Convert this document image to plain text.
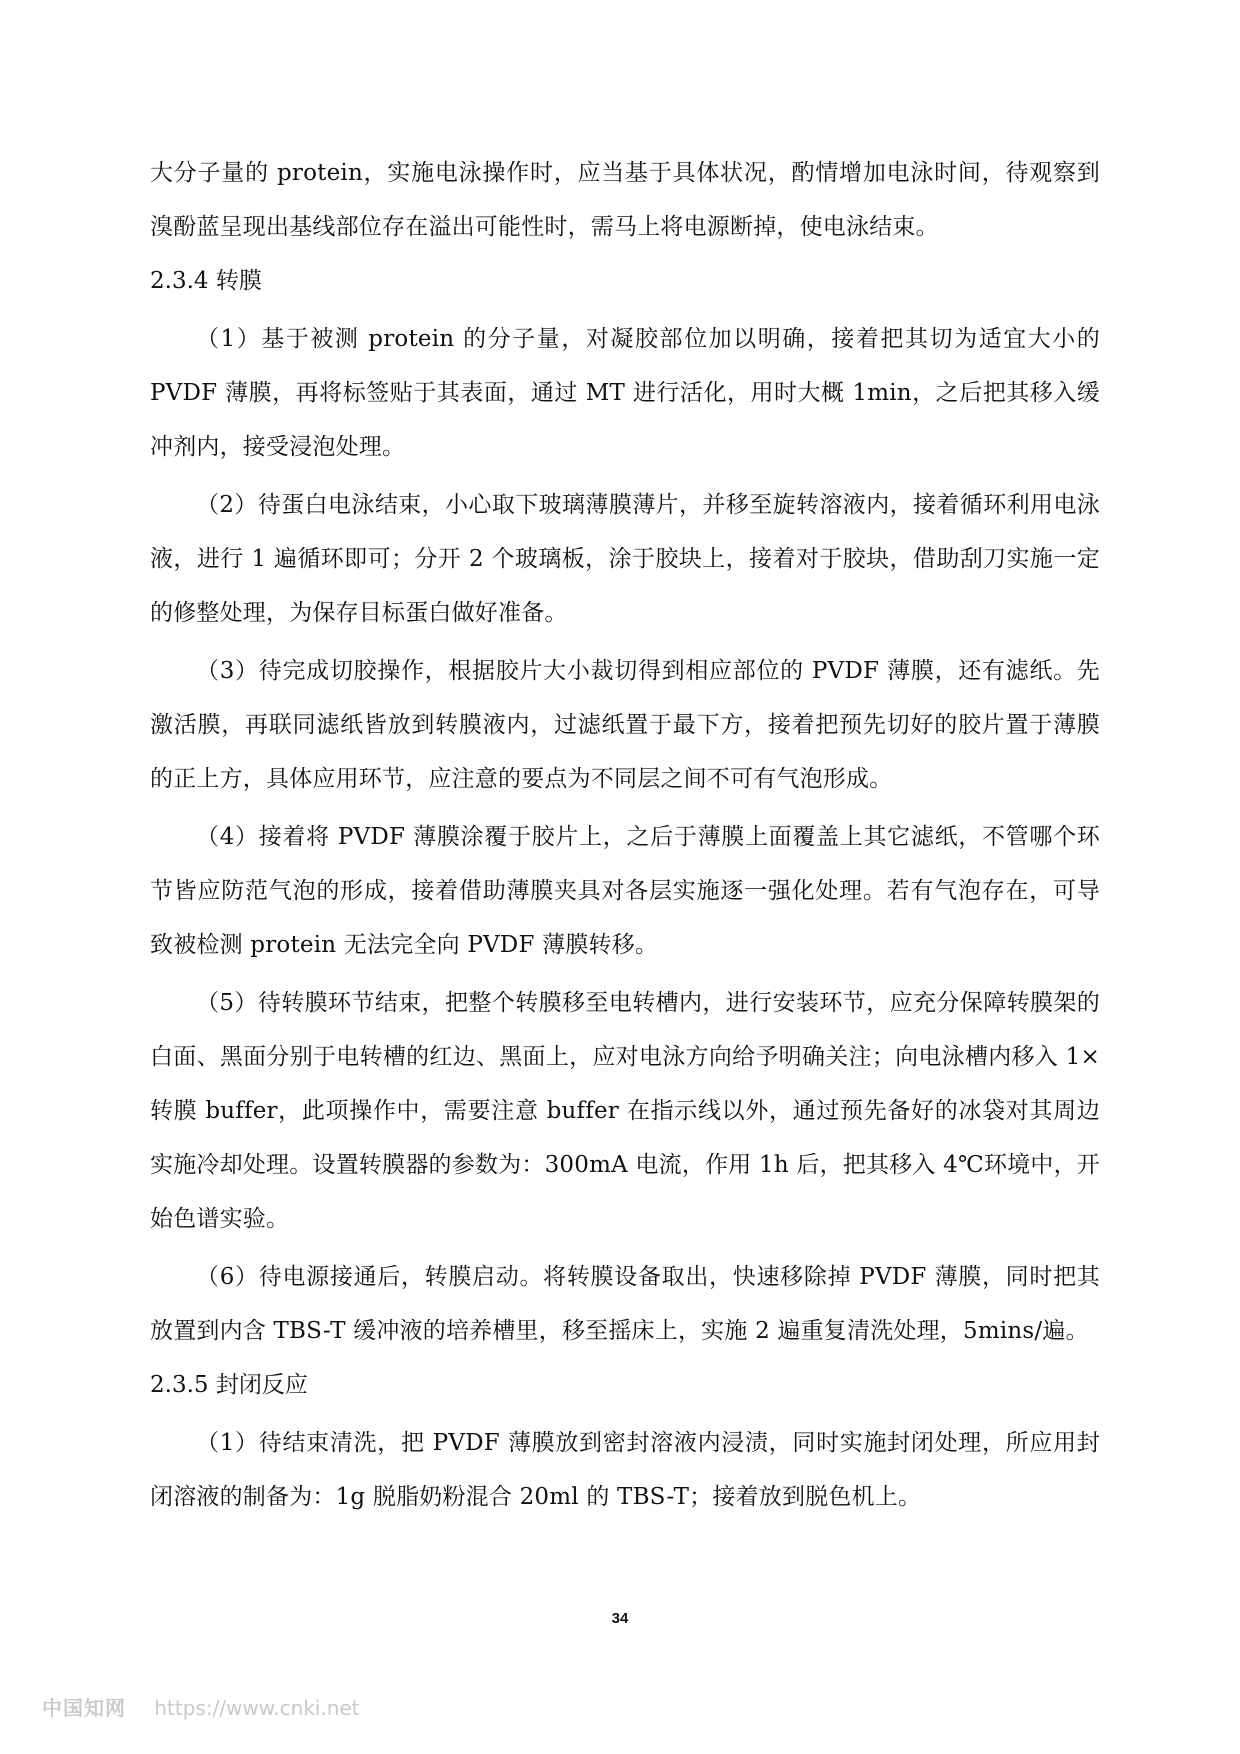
大分子量的 protein，实施电泳操作时，应当基于具体状况，酌情增加电泳时间，待观察到溴酚蓝呈现出基线部位存在溢出可能性时，需马上将电源断掉，使电泳结束。

2.3.4 转膜

（1）基于被测 protein 的分子量，对凝胶部位加以明确，接着把其切为适宜大小的 PVDF 薄膜，再将标签贴于其表面，通过 MT 进行活化，用时大概 1min，之后把其移入缓冲剂内，接受浸泡处理。

（2）待蛋白电泳结束，小心取下玻璃薄膜薄片，并移至旋转溶液内，接着循环利用电泳液，进行 1 遍循环即可；分开 2 个玻璃板，涂于胶块上，接着对于胶块，借助刮刀实施一定的修整处理，为保存目标蛋白做好准备。

（3）待完成切胶操作，根据胶片大小裁切得到相应部位的 PVDF 薄膜，还有滤纸。先激活膜，再联同滤纸皆放到转膜液内，过滤纸置于最下方，接着把预先切好的胶片置于薄膜的正上方，具体应用环节，应注意的要点为不同层之间不可有气泡形成。

（4）接着将 PVDF 薄膜涂覆于胶片上，之后于薄膜上面覆盖上其它滤纸，不管哪个环节皆应防范气泡的形成，接着借助薄膜夹具对各层实施逐一强化处理。若有气泡存在，可导致被检测 protein 无法完全向 PVDF 薄膜转移。

（5）待转膜环节结束，把整个转膜移至电转槽内，进行安装环节，应充分保障转膜架的白面、黑面分别于电转槽的红边、黑面上，应对电泳方向给予明确关注；向电泳槽内移入 1×转膜 buffer，此项操作中，需要注意 buffer 在指示线以外，通过预先备好的冰袋对其周边实施冷却处理。设置转膜器的参数为：300mA 电流，作用 1h 后，把其移入 4℃环境中，开始色谱实验。

（6）待电源接通后，转膜启动。将转膜设备取出，快速移除掉 PVDF 薄膜，同时把其放置到内含 TBS-T 缓冲液的培养槽里，移至摇床上，实施 2 遍重复清洗处理，5mins/遍。

2.3.5 封闭反应

（1）待结束清洗，把 PVDF 薄膜放到密封溶液内浸渍，同时实施封闭处理，所应用封闭溶液的制备为：1g 脱脂奶粉混合 20ml 的 TBS-T；接着放到脱色机上。

34
中国知网 https://www.cnki.net
